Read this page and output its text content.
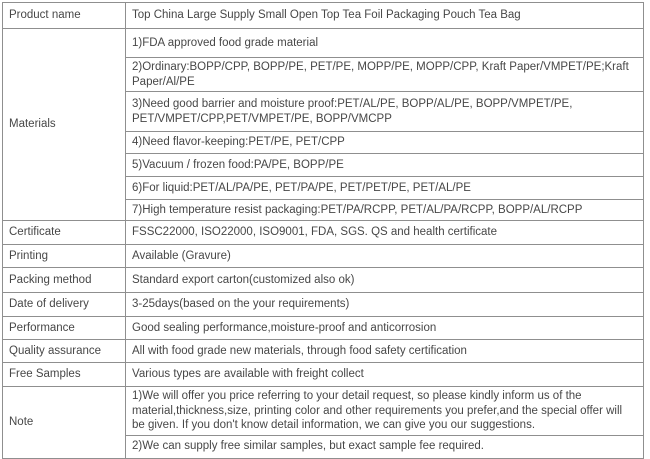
Product name	Top China Large Supply Small Open Top Tea Foil Packaging Pouch Tea Bag
Materials	1)FDA approved food grade material
	2)Ordinary:BOPP/CPP, BOPP/PE, PET/PE, MOPP/PE, MOPP/CPP, Kraft Paper/VMPET/PE;Kraft Paper/Al/PE
	3)Need good barrier and moisture proof:PET/AL/PE, BOPP/AL/PE, BOPP/VMPET/PE, PET/VMPET/CPP,PET/VMPET/PE, BOPP/VMCPP
	4)Need flavor-keeping:PET/PE, PET/CPP
	5)Vacuum / frozen food:PA/PE, BOPP/PE
	6)For liquid:PET/AL/PA/PE, PET/PA/PE, PET/PET/PE, PET/AL/PE
	7)High temperature resist packaging:PET/PA/RCPP, PET/AL/PA/RCPP, BOPP/AL/RCPP
Certificate	FSSC22000, ISO22000, ISO9001, FDA, SGS. QS and health certificate
Printing	Available (Gravure)
Packing method	Standard export carton(customized also ok)
Date of delivery	3-25days(based on the your requirements)
Performance	Good sealing performance,moisture-proof and anticorrosion
Quality assurance	All with food grade new materials, through food safety certification
Free Samples	Various types are available with freight collect
Note	1)We will offer you price referring to your detail request, so please kindly inform us of the material,thickness,size, printing color and other requirements you prefer,and the special offer will be given. If you don't know detail information, we can give you our suggestions.
	2)We can supply free similar samples, but exact sample fee required.
